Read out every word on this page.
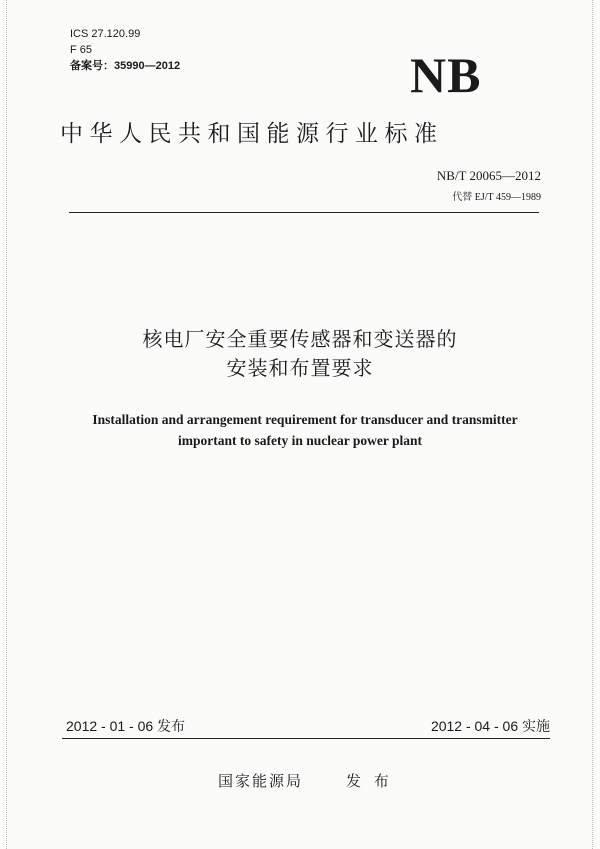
ICS 27.120.99
F 65
备案号：35990—2012	NB
中华人民共和国能源行业标准
NB/T 20065—2012
代替 EJ/T 459—1989
核电厂安全重要传感器和变送器的
安装和布置要求
Installation and arrangement requirement for transducer and transmitter
important to safety in nuclear power plant
2012 - 01 - 06 发布	2012 - 04 - 06 实施
国家能源局	发 布
